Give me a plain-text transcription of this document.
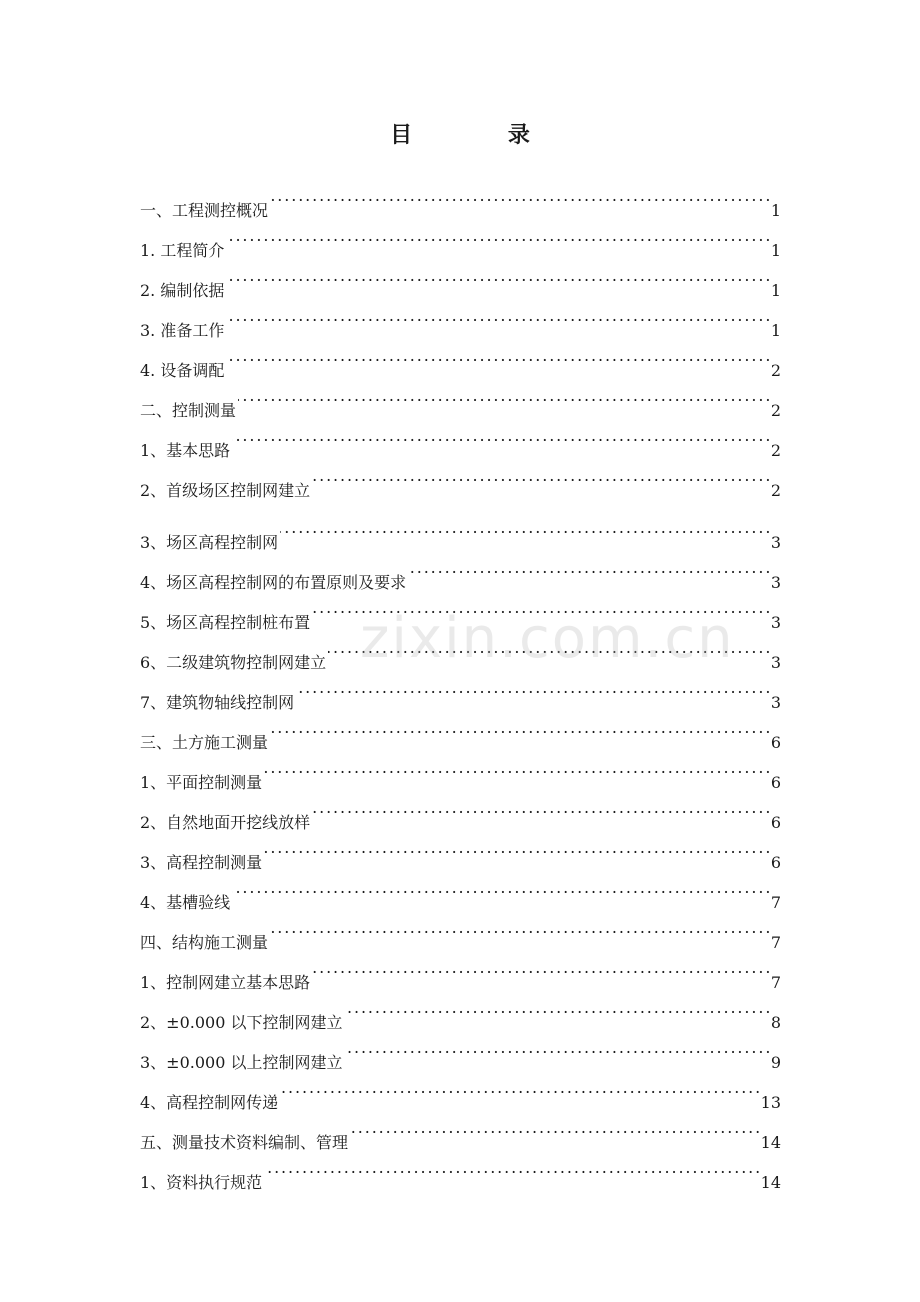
目 录
一、工程测控概况 . . .	1
1. 工程简介 . . .	1
2. 编制依据 . . .	1
3. 准备工作 . . .	1
4. 设备调配 . . .	2
二、控制测量 . . .	2
1、基本思路 . . .	2
2、首级场区控制网建立 . . .	2
3、场区高程控制网 . . .	3
4、场区高程控制网的布置原则及要求 . . .	3
5、场区高程控制桩布置 . . .	3
6、二级建筑物控制网建立 . . .	3
7、建筑物轴线控制网 . . .	3
三、土方施工测量 . . .	6
1、平面控制测量 . . .	6
2、自然地面开挖线放样 . . .	6
3、高程控制测量 . . .	6
4、基槽验线 . . .	7
四、结构施工测量 . . .	7
1、控制网建立基本思路 . . .	7
2、±0.000 以下控制网建立 . . .	8
3、±0.000 以上控制网建立 . . .	9
4、高程控制网传递 . . .	13
五、测量技术资料编制、管理 . . .	14
1、资料执行规范 . . .	14
zixin.com.cn
